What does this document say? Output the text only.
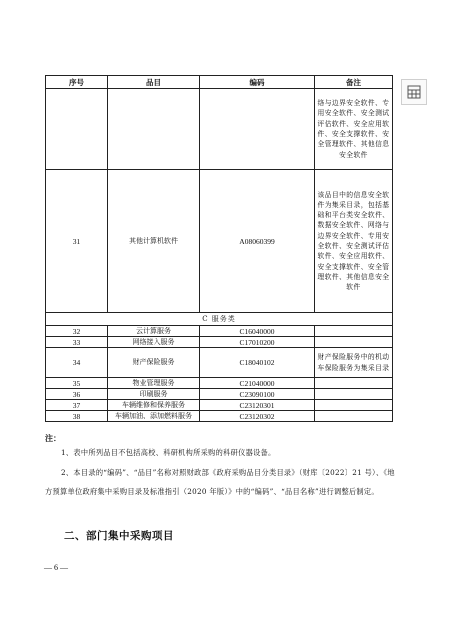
序号	品目	编码	备注
			络与边界安全软件、专用安全软件、安全测试评估软件、安全应用软件、安全支撑软件、安全管理软件、其他信息安全软件
31	其他计算机软件	A08060399	该品目中的信息安全软件为集采目录，包括基础和平台类安全软件、数据安全软件、网络与边界安全软件、专用安全软件、安全测试评估软件、安全应用软件、安全支撑软件、安全管理软件、其他信息安全软件
C 服务类			
32	云计算服务	C16040000	
33	网络接入服务	C17010200	
34	财产保险服务	C18040102	财产保险服务中的机动车保险服务为集采目录
35	物业管理服务	C21040000	
36	印刷服务	C23090100	
37	车辆维修和保养服务	C23120301	
38	车辆加油、添加燃料服务	C23120302	
注：

1、表中所列品目不包括高校、科研机构所采购的科研仪器设备。

2、本目录的“编码”、“品目”名称对照财政部《政府采购品目分类目录》（财库〔2022〕21 号）、《地方预算单位政府集中采购目录及标准指引（2020 年版）》中的“编码”、“品目名称”进行调整后制定。

二、部门集中采购项目
— 6 —
